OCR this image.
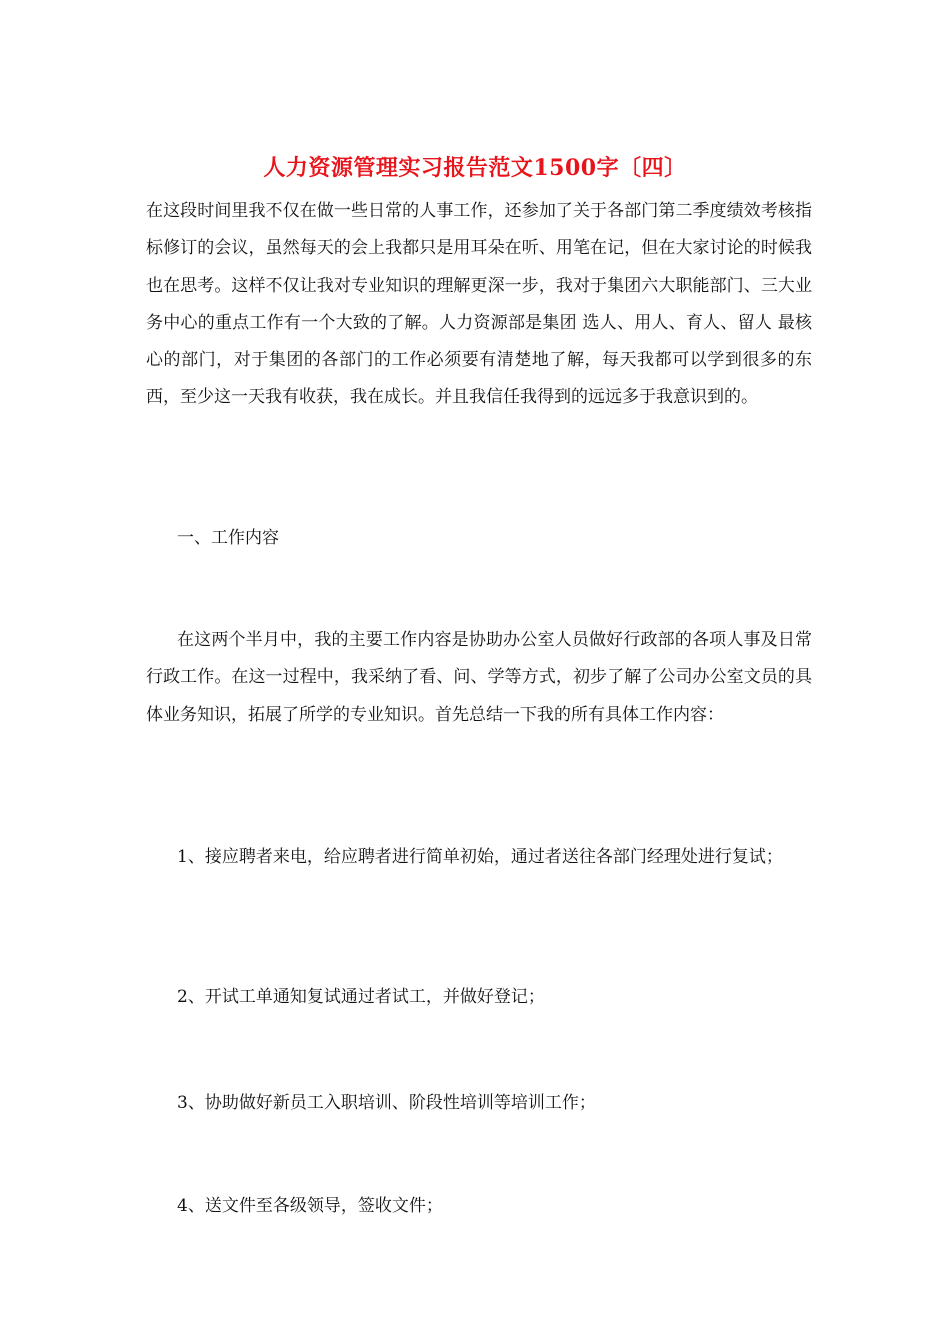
人力资源管理实习报告范文1500字〔四〕

在这段时间里我不仅在做一些日常的人事工作，还参加了关于各部门第二季度绩效考核指标修订的会议，虽然每天的会上我都只是用耳朵在听、用笔在记，但在大家讨论的时候我也在思考。这样不仅让我对专业知识的理解更深一步，我对于集团六大职能部门、三大业务中心的重点工作有一个大致的了解。人力资源部是集团 选人、用人、育人、留人 最核心的部门，对于集团的各部门的工作必须要有清楚地了解，每天我都可以学到很多的东西，至少这一天我有收获，我在成长。并且我信任我得到的远远多于我意识到的。

一、工作内容

在这两个半月中，我的主要工作内容是协助办公室人员做好行政部的各项人事及日常行政工作。在这一过程中，我采纳了看、问、学等方式，初步了解了公司办公室文员的具体业务知识，拓展了所学的专业知识。首先总结一下我的所有具体工作内容：

1、接应聘者来电，给应聘者进行简单初始，通过者送往各部门经理处进行复试；

2、开试工单通知复试通过者试工，并做好登记；

3、协助做好新员工入职培训、阶段性培训等培训工作；

4、送文件至各级领导，签收文件；
